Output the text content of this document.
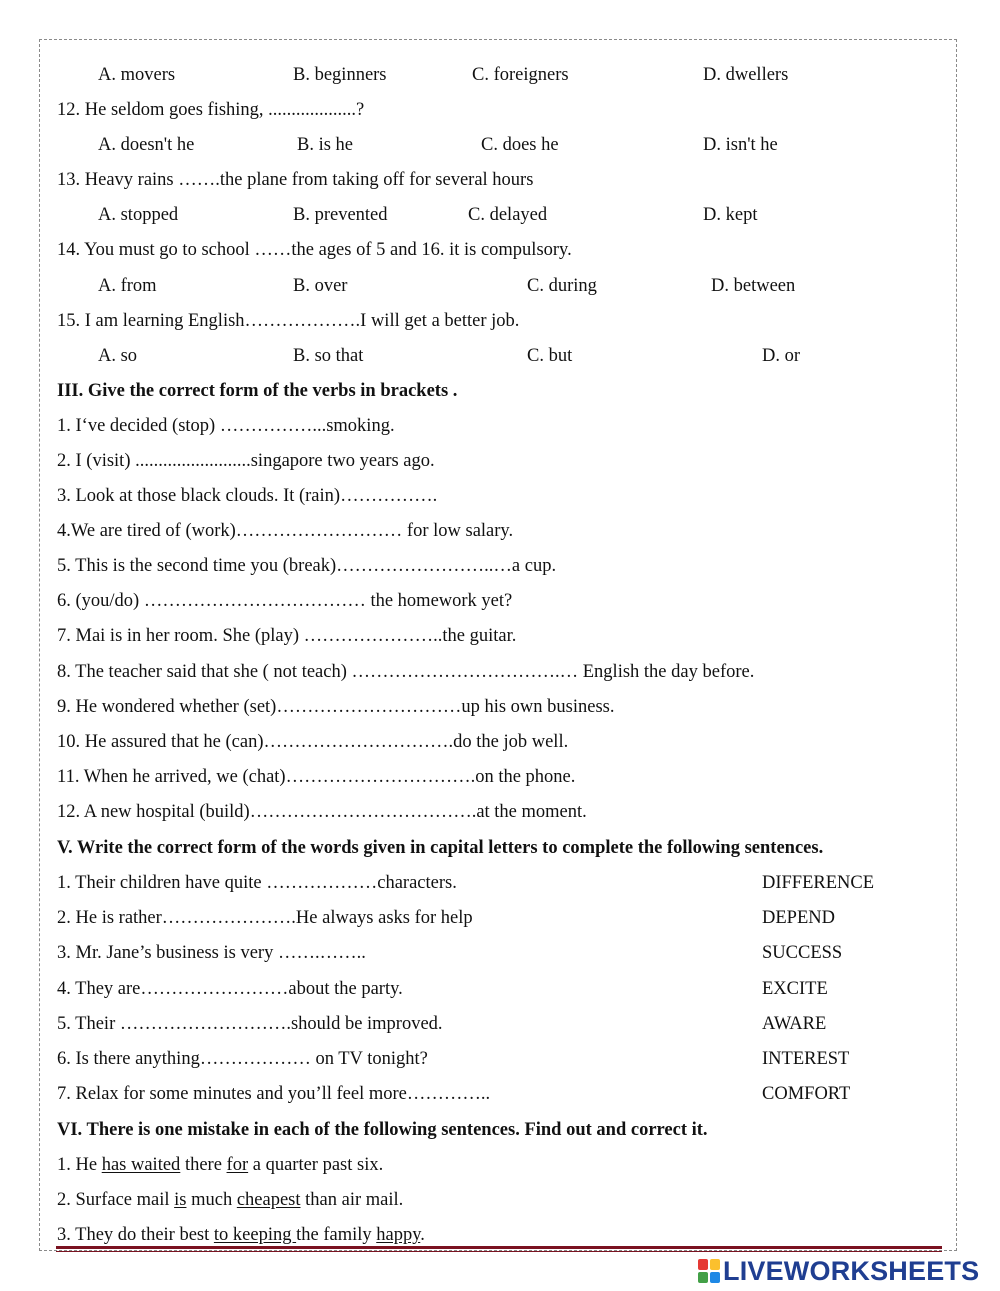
A. movers	B. beginners	C. foreigners	D. dwellers
12. He seldom goes fishing, ...................?
A. doesn't he	B. is he	C. does he	D. isn't he
13. Heavy rains …….the plane from taking off for several hours
A. stopped	B. prevented	C. delayed	D. kept
14. You must go to school ……the ages of 5 and 16. it is compulsory.
A. from	B. over	C. during	D. between
15. I am learning English……………….I will get a better job.
A. so	B. so that	C. but	D. or
III. Give the correct form of the verbs in brackets .
1. I‘ve decided (stop) ……………...smoking.
2. I (visit) .........................singapore two years ago.
3. Look at those black clouds. It (rain)…………….
4.We are tired of (work)……………………… for low salary.
5. This is the second time you (break)……………………..…a cup.
6. (you/do) ……………………………… the homework yet?
7. Mai is in her room. She (play) …………………..the guitar.
8. The teacher said that she ( not teach) …………………………….… English the day before.
9. He wondered whether (set)…………………………up his own business.
10. He assured that he (can)………………………….do the job well.
11. When he arrived, we (chat)………………………….on the phone.
12. A new hospital (build)……………………………….at the moment.
V. Write the correct form of the words given in capital letters to complete the following sentences.
1. Their children have quite ………………characters.	DIFFERENCE
2. He is rather………………….He always asks for help	DEPEND
3. Mr. Jane’s business is very …….……..	SUCCESS
4. They are……………………about the party.	EXCITE
5. Their ……………………….should be improved.	AWARE
6. Is there anything……………… on TV tonight?	INTEREST
7. Relax for some minutes and you’ll feel more…………..	COMFORT
VI. There is one mistake in each of the following sentences. Find out and correct it.
1. He has waited there for a quarter past six.
2. Surface mail is much cheapest than air mail.
3. They do their best to keeping the family happy.
LIVEWORKSHEETS
